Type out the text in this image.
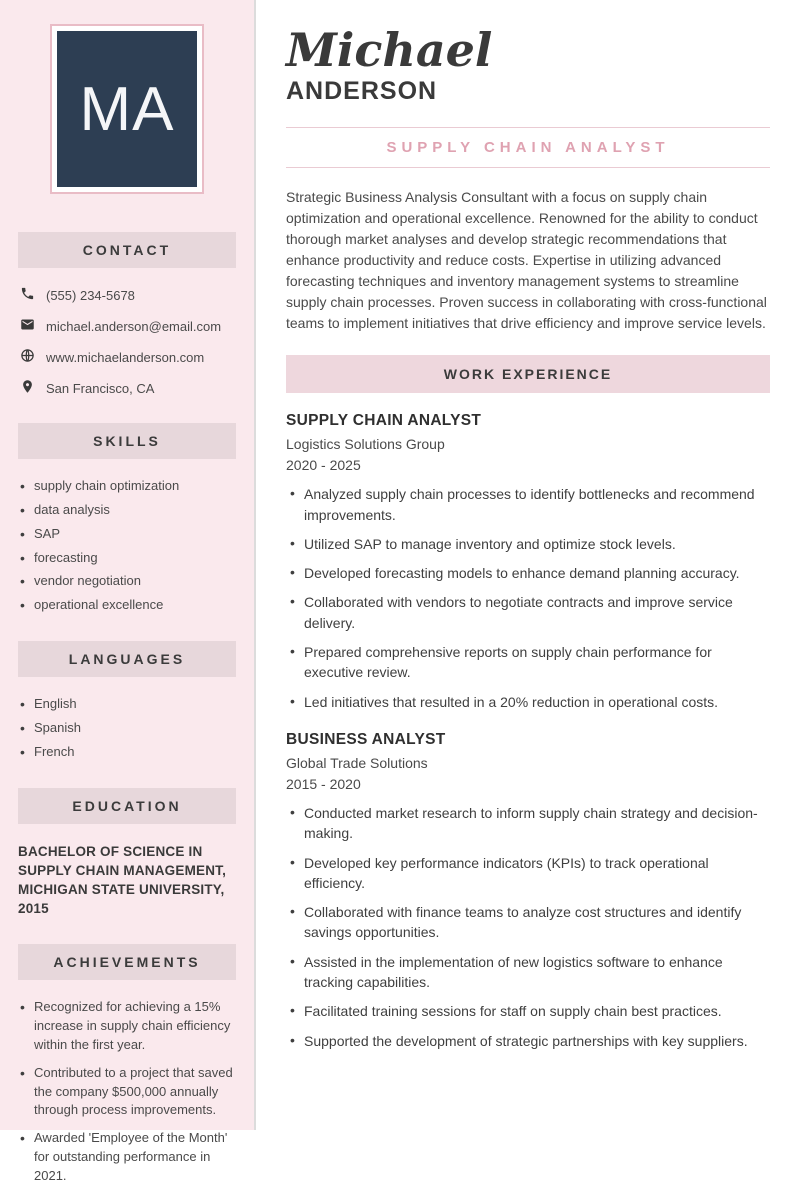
MA
CONTACT
(555) 234-5678
michael.anderson@email.com
www.michaelanderson.com
San Francisco, CA
SKILLS
• supply chain optimization
• data analysis
• SAP
• forecasting
• vendor negotiation
• operational excellence
LANGUAGES
• English
• Spanish
• French
EDUCATION

BACHELOR OF SCIENCE IN SUPPLY CHAIN MANAGEMENT, MICHIGAN STATE UNIVERSITY, 2015

ACHIEVEMENTS
• Recognized for achieving a 15% increase in supply chain efficiency within the first year.
• Contributed to a project that saved the company $500,000 annually through process improvements.
• Awarded 'Employee of the Month' for outstanding performance in 2021.
Michael
ANDERSON
SUPPLY CHAIN ANALYST

Strategic Business Analysis Consultant with a focus on supply chain optimization and operational excellence. Renowned for the ability to conduct thorough market analyses and develop strategic recommendations that enhance productivity and reduce costs. Expertise in utilizing advanced forecasting techniques and inventory management systems to streamline supply chain processes. Proven success in collaborating with cross-functional teams to implement initiatives that drive efficiency and improve service levels.

WORK EXPERIENCE
SUPPLY CHAIN ANALYST
Logistics Solutions Group
2020 - 2025
• Analyzed supply chain processes to identify bottlenecks and recommend improvements.
• Utilized SAP to manage inventory and optimize stock levels.
• Developed forecasting models to enhance demand planning accuracy.
• Collaborated with vendors to negotiate contracts and improve service delivery.
• Prepared comprehensive reports on supply chain performance for executive review.
• Led initiatives that resulted in a 20% reduction in operational costs.
BUSINESS ANALYST
Global Trade Solutions
2015 - 2020
• Conducted market research to inform supply chain strategy and decision-making.
• Developed key performance indicators (KPIs) to track operational efficiency.
• Collaborated with finance teams to analyze cost structures and identify savings opportunities.
• Assisted in the implementation of new logistics software to enhance tracking capabilities.
• Facilitated training sessions for staff on supply chain best practices.
• Supported the development of strategic partnerships with key suppliers.
